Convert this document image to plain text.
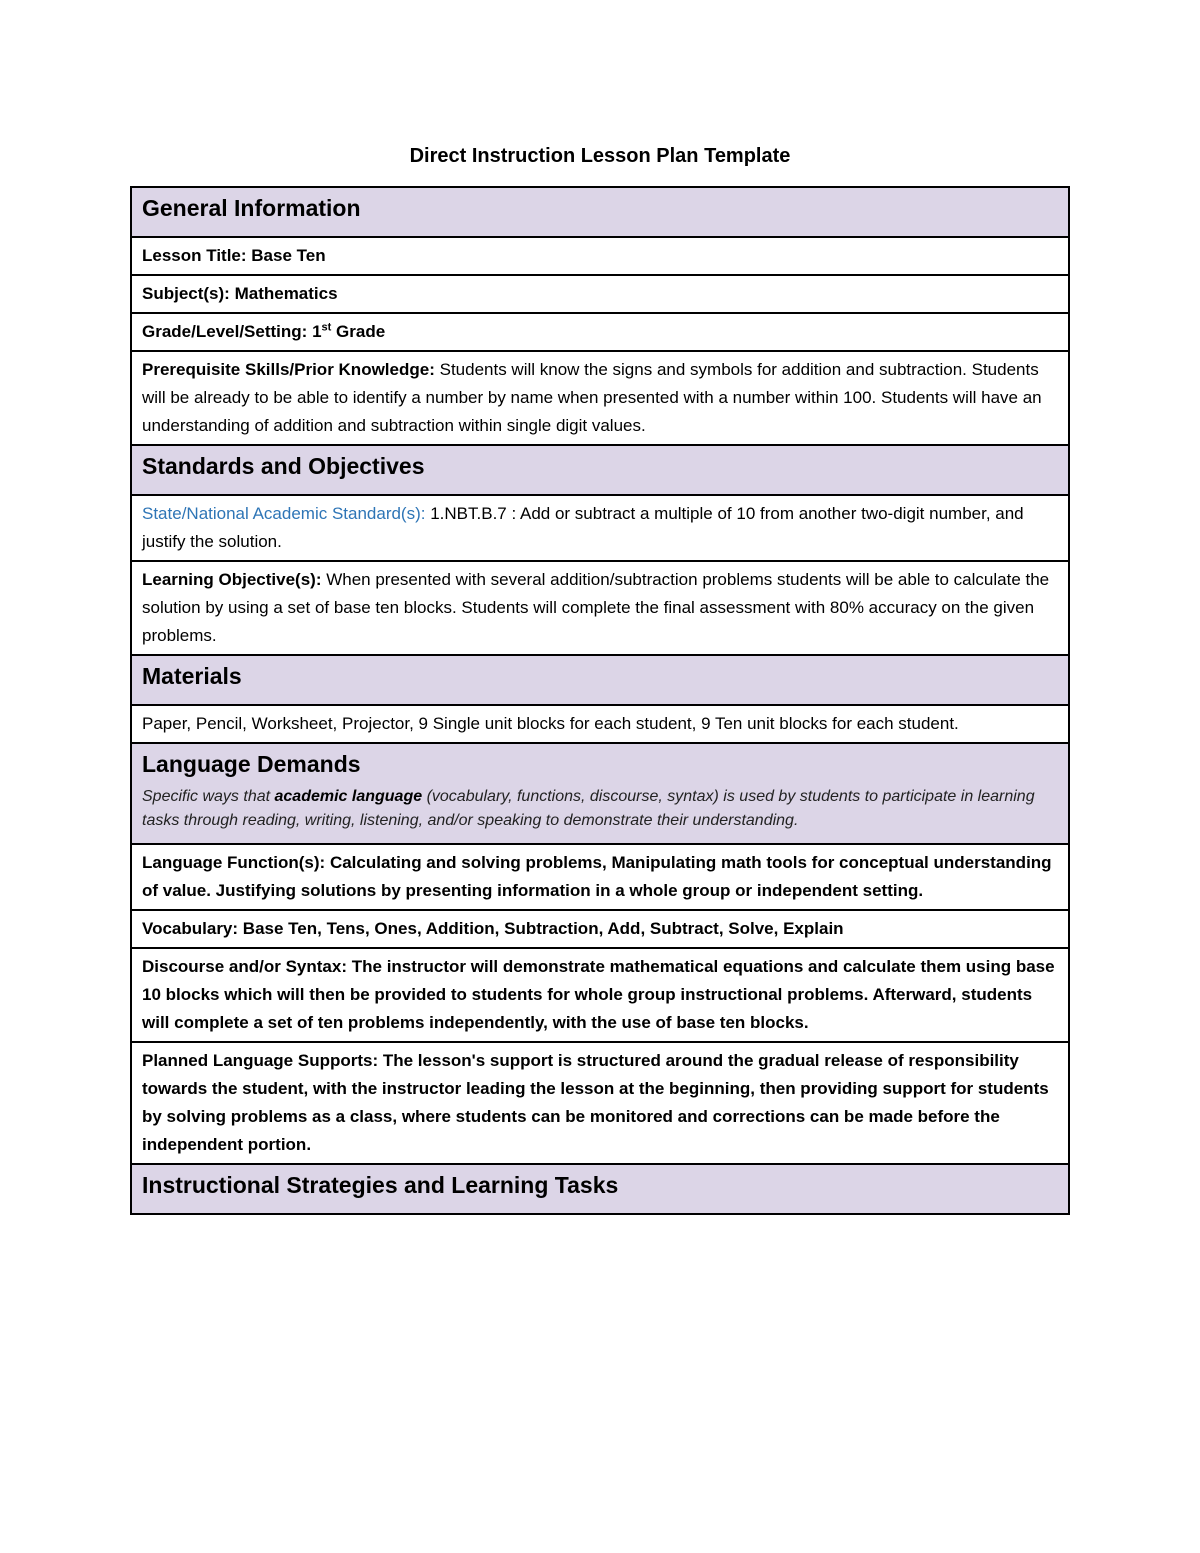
Direct Instruction Lesson Plan Template
General Information
Lesson Title: Base Ten
Subject(s): Mathematics
Grade/Level/Setting: 1st Grade
Prerequisite Skills/Prior Knowledge: Students will know the signs and symbols for addition and subtraction. Students will be already to be able to identify a number by name when presented with a number within 100. Students will have an understanding of addition and subtraction within single digit values.
Standards and Objectives
State/National Academic Standard(s): 1.NBT.B.7 : Add or subtract a multiple of 10 from another two-digit number, and justify the solution.
Learning Objective(s): When presented with several addition/subtraction problems students will be able to calculate the solution by using a set of base ten blocks. Students will complete the final assessment with 80% accuracy on the given problems.
Materials
Paper, Pencil, Worksheet, Projector, 9 Single unit blocks for each student, 9 Ten unit blocks for each student.

Language Demands
Specific ways that academic language (vocabulary, functions, discourse, syntax) is used by students to participate in learning tasks through reading, writing, listening, and/or speaking to demonstrate their understanding.

Language Function(s): Calculating and solving problems, Manipulating math tools for conceptual understanding of value. Justifying solutions by presenting information in a whole group or independent setting.
Vocabulary: Base Ten, Tens, Ones, Addition, Subtraction, Add, Subtract, Solve, Explain
Discourse and/or Syntax: The instructor will demonstrate mathematical equations and calculate them using base 10 blocks which will then be provided to students for whole group instructional problems. Afterward, students will complete a set of ten problems independently, with the use of base ten blocks.
Planned Language Supports: The lesson's support is structured around the gradual release of responsibility towards the student, with the instructor leading the lesson at the beginning, then providing support for students by solving problems as a class, where students can be monitored and corrections can be made before the independent portion.
Instructional Strategies and Learning Tasks
